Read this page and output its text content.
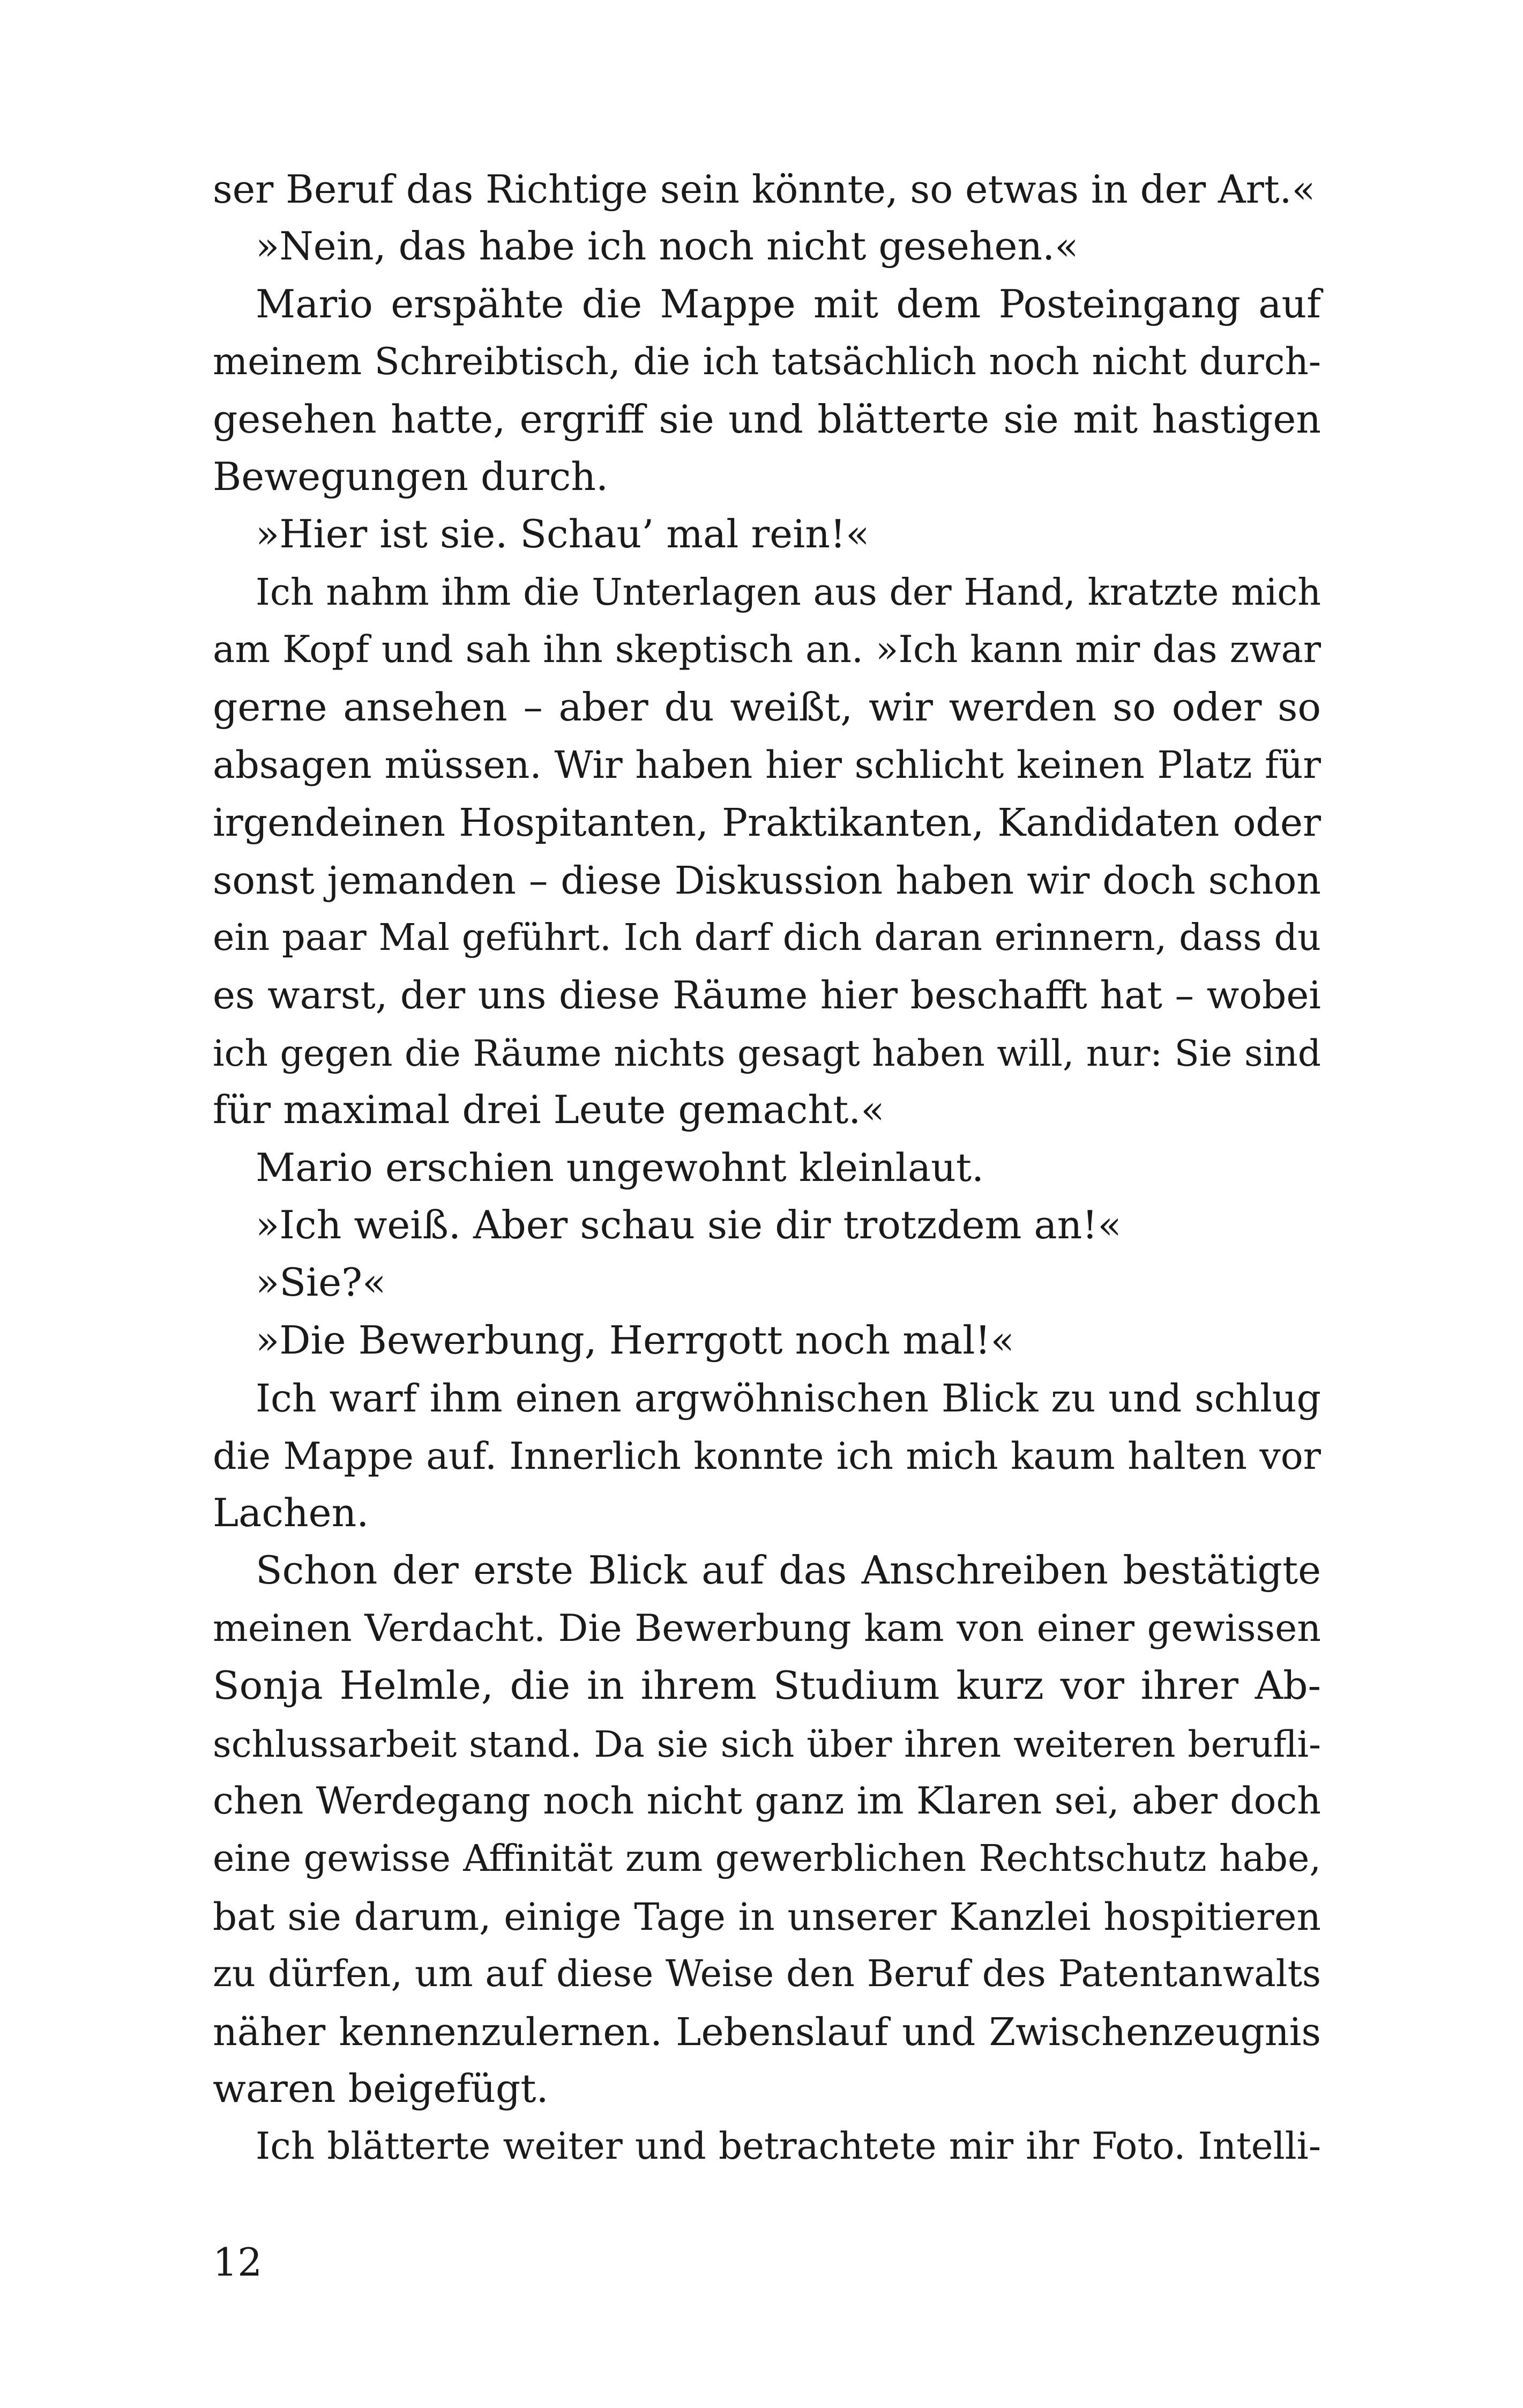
ser Beruf das Richtige sein könnte, so etwas in der Art.«
»Nein, das habe ich noch nicht gesehen.«
Mario erspähte die Mappe mit dem Posteingang auf
meinem Schreibtisch, die ich tatsächlich noch nicht durch-
gesehen hatte, ergriff sie und blätterte sie mit hastigen
Bewegungen durch.
»Hier ist sie. Schau’ mal rein!«
Ich nahm ihm die Unterlagen aus der Hand, kratzte mich
am Kopf und sah ihn skeptisch an. »Ich kann mir das zwar
gerne ansehen – aber du weißt, wir werden so oder so
absagen müssen. Wir haben hier schlicht keinen Platz für
irgendeinen Hospitanten, Praktikanten, Kandidaten oder
sonst jemanden – diese Diskussion haben wir doch schon
ein paar Mal geführt. Ich darf dich daran erinnern, dass du
es warst, der uns diese Räume hier beschafft hat – wobei
ich gegen die Räume nichts gesagt haben will, nur: Sie sind
für maximal drei Leute gemacht.«
Mario erschien ungewohnt kleinlaut.
»Ich weiß. Aber schau sie dir trotzdem an!«
»Sie?«
»Die Bewerbung, Herrgott noch mal!«
Ich warf ihm einen argwöhnischen Blick zu und schlug
die Mappe auf. Innerlich konnte ich mich kaum halten vor
Lachen.
Schon der erste Blick auf das Anschreiben bestätigte
meinen Verdacht. Die Bewerbung kam von einer gewissen
Sonja Helmle, die in ihrem Studium kurz vor ihrer Ab-
schlussarbeit stand. Da sie sich über ihren weiteren berufli-
chen Werdegang noch nicht ganz im Klaren sei, aber doch
eine gewisse Affinität zum gewerblichen Rechtschutz habe,
bat sie darum, einige Tage in unserer Kanzlei hospitieren
zu dürfen, um auf diese Weise den Beruf des Patentanwalts
näher kennenzulernen. Lebenslauf und Zwischenzeugnis
waren beigefügt.
Ich blätterte weiter und betrachtete mir ihr Foto. Intelli-
12
